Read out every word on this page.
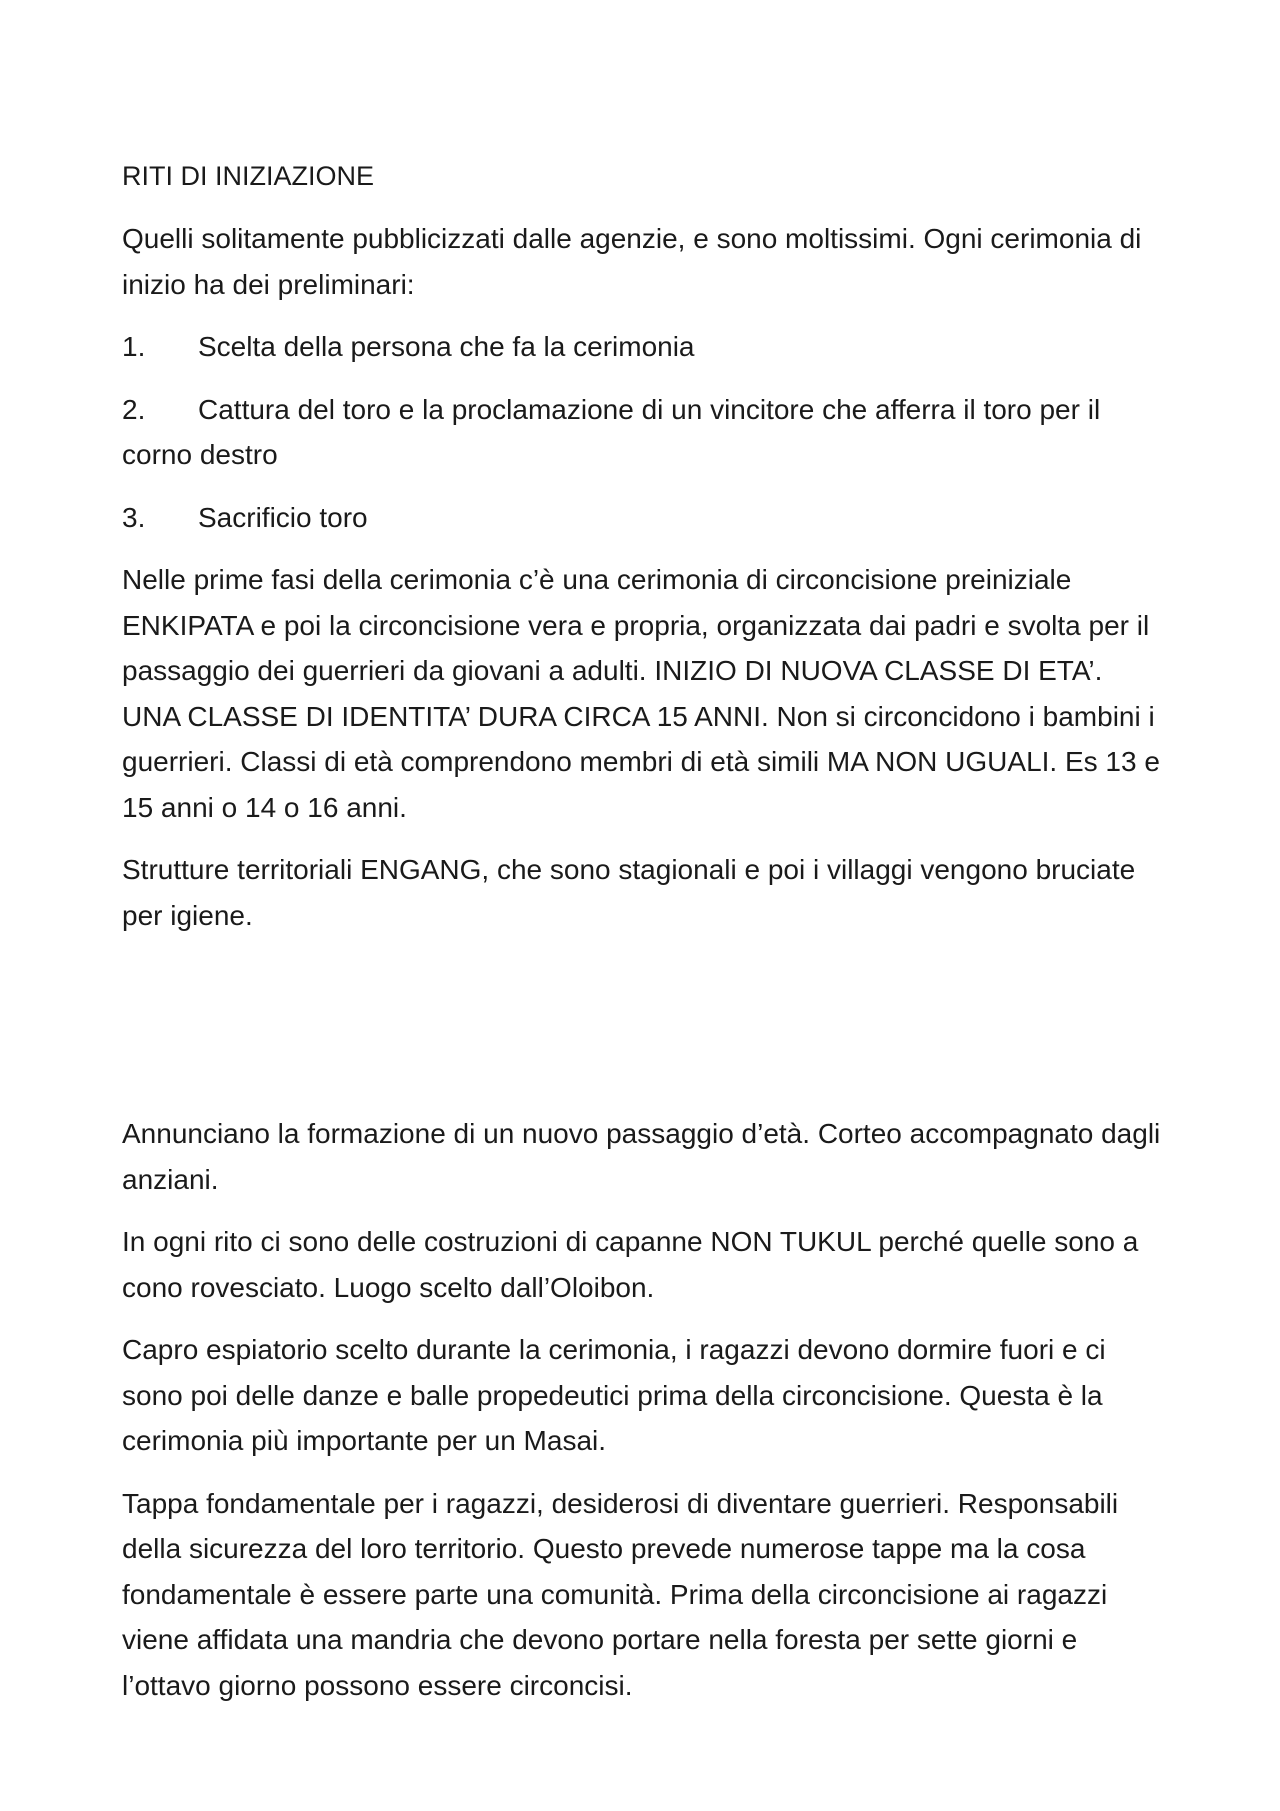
RITI DI INIZIAZIONE

Quelli solitamente pubblicizzati dalle agenzie, e sono moltissimi. Ogni cerimonia di inizio ha dei preliminari:

1. Scelta della persona che fa la cerimonia

2. Cattura del toro e la proclamazione di un vincitore che afferra il toro per il corno destro

3. Sacrificio toro

Nelle prime fasi della cerimonia c’è una cerimonia di circoncisione preiniziale ENKIPATA e poi la circoncisione vera e propria, organizzata dai padri e svolta per il passaggio dei guerrieri da giovani a adulti. INIZIO DI NUOVA CLASSE DI ETA’. UNA CLASSE DI IDENTITA’ DURA CIRCA 15 ANNI. Non si circoncidono i bambini i guerrieri. Classi di età comprendono membri di età simili MA NON UGUALI. Es 13 e 15 anni o 14 o 16 anni.

Strutture territoriali ENGANG, che sono stagionali e poi i villaggi vengono bruciate per igiene.

Annunciano la formazione di un nuovo passaggio d’età. Corteo accompagnato dagli anziani.

In ogni rito ci sono delle costruzioni di capanne NON TUKUL perché quelle sono a cono rovesciato. Luogo scelto dall’Oloibon.

Capro espiatorio scelto durante la cerimonia, i ragazzi devono dormire fuori e ci sono poi delle danze e balle propedeutici prima della circoncisione. Questa è la cerimonia più importante per un Masai.

Tappa fondamentale per i ragazzi, desiderosi di diventare guerrieri. Responsabili della sicurezza del loro territorio. Questo prevede numerose tappe ma la cosa fondamentale è essere parte una comunità. Prima della circoncisione ai ragazzi viene affidata una mandria che devono portare nella foresta per sette giorni e l’ottavo giorno possono essere circoncisi.
